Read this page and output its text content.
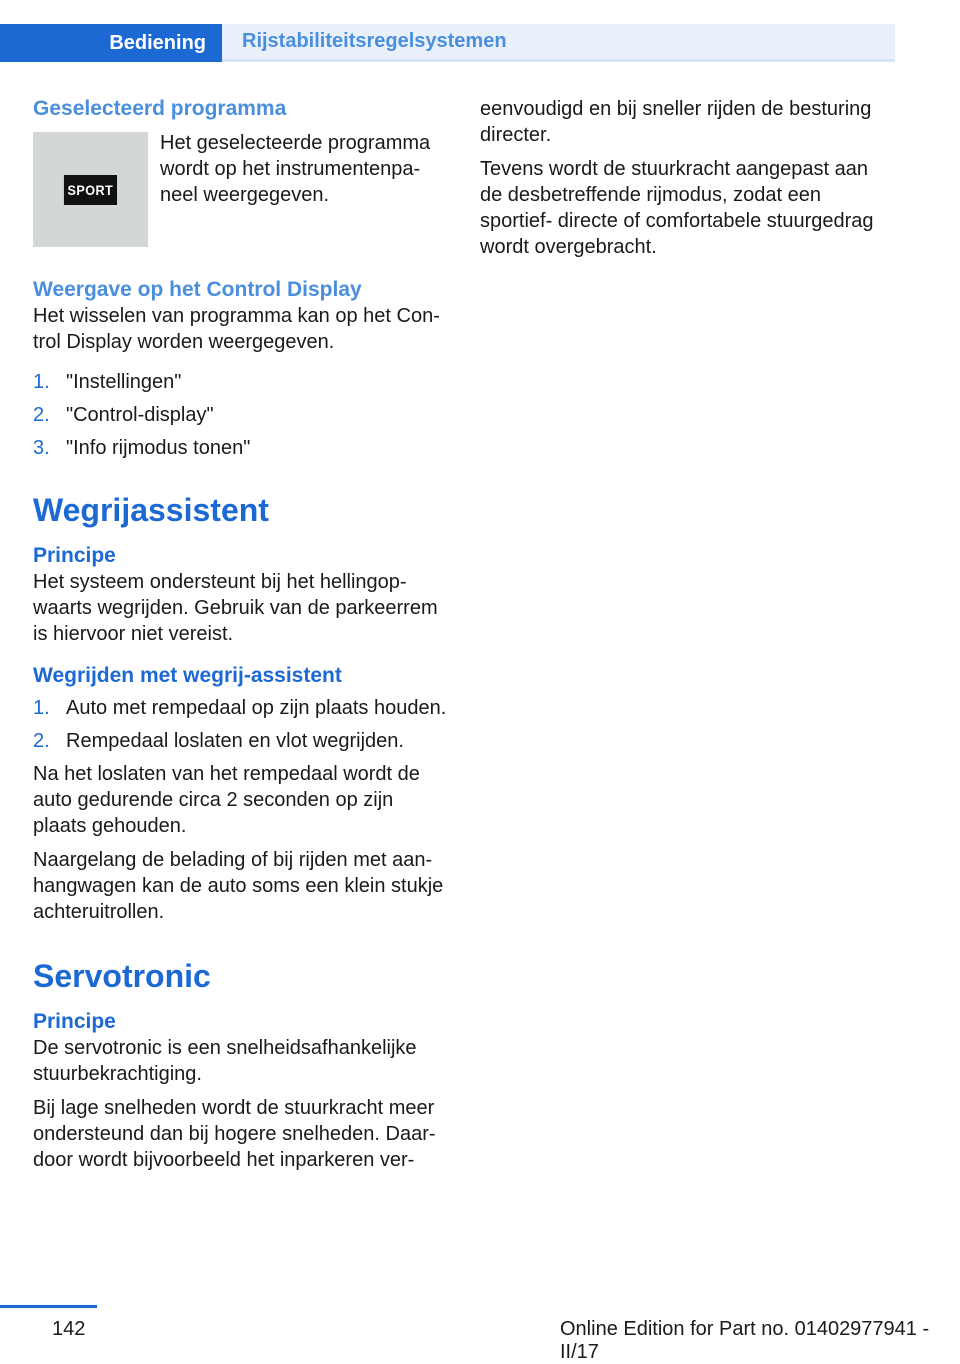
Bediening	Rijstabiliteitsregelsystemen
Geselecteerd programma
SPORT
Het geselecteerde programma wordt op het instrumentenpa‐ neel weergegeven.
Weergave op het Control Display

Het wisselen van programma kan op het Con‐ trol Display worden weergegeven.

1. "Instellingen"
2. "Control-display"
3. "Info rijmodus tonen"
Wegrijassistent
Principe

Het systeem ondersteunt bij het hellingop‐ waarts wegrijden. Gebruik van de parkeerrem is hiervoor niet vereist.

Wegrijden met wegrij-assistent
1. Auto met rempedaal op zijn plaats houden.
2. Rempedaal loslaten en vlot wegrijden.

Na het loslaten van het rempedaal wordt de auto gedurende circa 2 seconden op zijn plaats gehouden.

Naargelang de belading of bij rijden met aan‐ hangwagen kan de auto soms een klein stukje achteruitrollen.

Servotronic
Principe

De servotronic is een snelheidsafhankelijke stuurbekrachtiging.

Bij lage snelheden wordt de stuurkracht meer ondersteund dan bij hogere snelheden. Daar‐ door wordt bijvoorbeeld het inparkeren ver‐

eenvoudigd en bij sneller rijden de besturing directer.

Tevens wordt de stuurkracht aangepast aan de desbetreffende rijmodus, zodat een sportief- directe of comfortabele stuurgedrag wordt overgebracht.

142	Online Edition for Part no. 01402977941 - II/17
